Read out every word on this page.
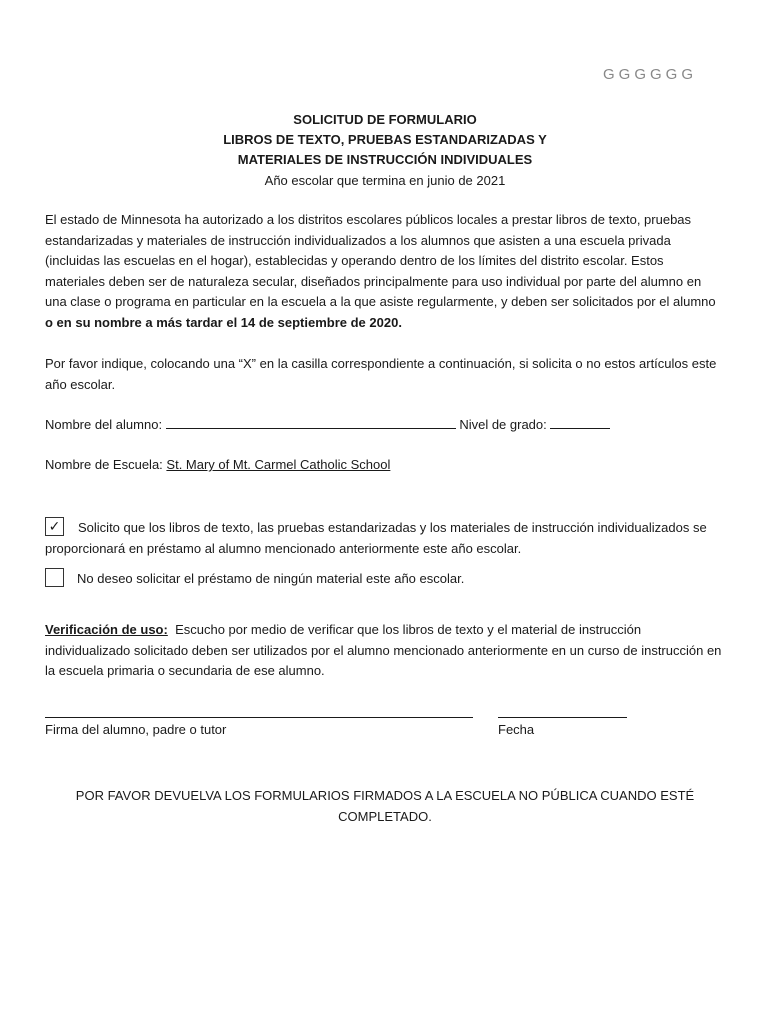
GGGGGG
SOLICITUD DE FORMULARIO
LIBROS DE TEXTO, PRUEBAS ESTANDARIZADAS Y
MATERIALES DE INSTRUCCIÓN INDIVIDUALES
Año escolar que termina en junio de 2021
El estado de Minnesota ha autorizado a los distritos escolares públicos locales a prestar libros de texto, pruebas estandarizadas y materiales de instrucción individualizados a los alumnos que asisten a una escuela privada (incluidas las escuelas en el hogar), establecidas y operando dentro de los límites del distrito escolar. Estos materiales deben ser de naturaleza secular, diseñados principalmente para uso individual por parte del alumno en una clase o programa en particular en la escuela a la que asiste regularmente, y deben ser solicitados por el alumno o en su nombre a más tardar el 14 de septiembre de 2020.
Por favor indique, colocando una “X” en la casilla correspondiente a continuación, si solicita o no estos artículos este año escolar.
Nombre del alumno:	Nivel de grado:
Nombre de Escuela: St. Mary of Mt. Carmel Catholic School
✓	Solicito que los libros de texto, las pruebas estandarizadas y los materiales de instrucción individualizados se proporcionará en préstamo al alumno mencionado anteriormente este año escolar.
No deseo solicitar el préstamo de ningún material este año escolar.
Verificación de uso: Escucho por medio de verificar que los libros de texto y el material de instrucción individualizado solicitado deben ser utilizados por el alumno mencionado anteriormente en un curso de instrucción en la escuela primaria o secundaria de ese alumno.
Firma del alumno, padre o tutor	Fecha
POR FAVOR DEVUELVA LOS FORMULARIOS FIRMADOS A LA ESCUELA NO PÚBLICA CUANDO ESTÉ COMPLETADO.
